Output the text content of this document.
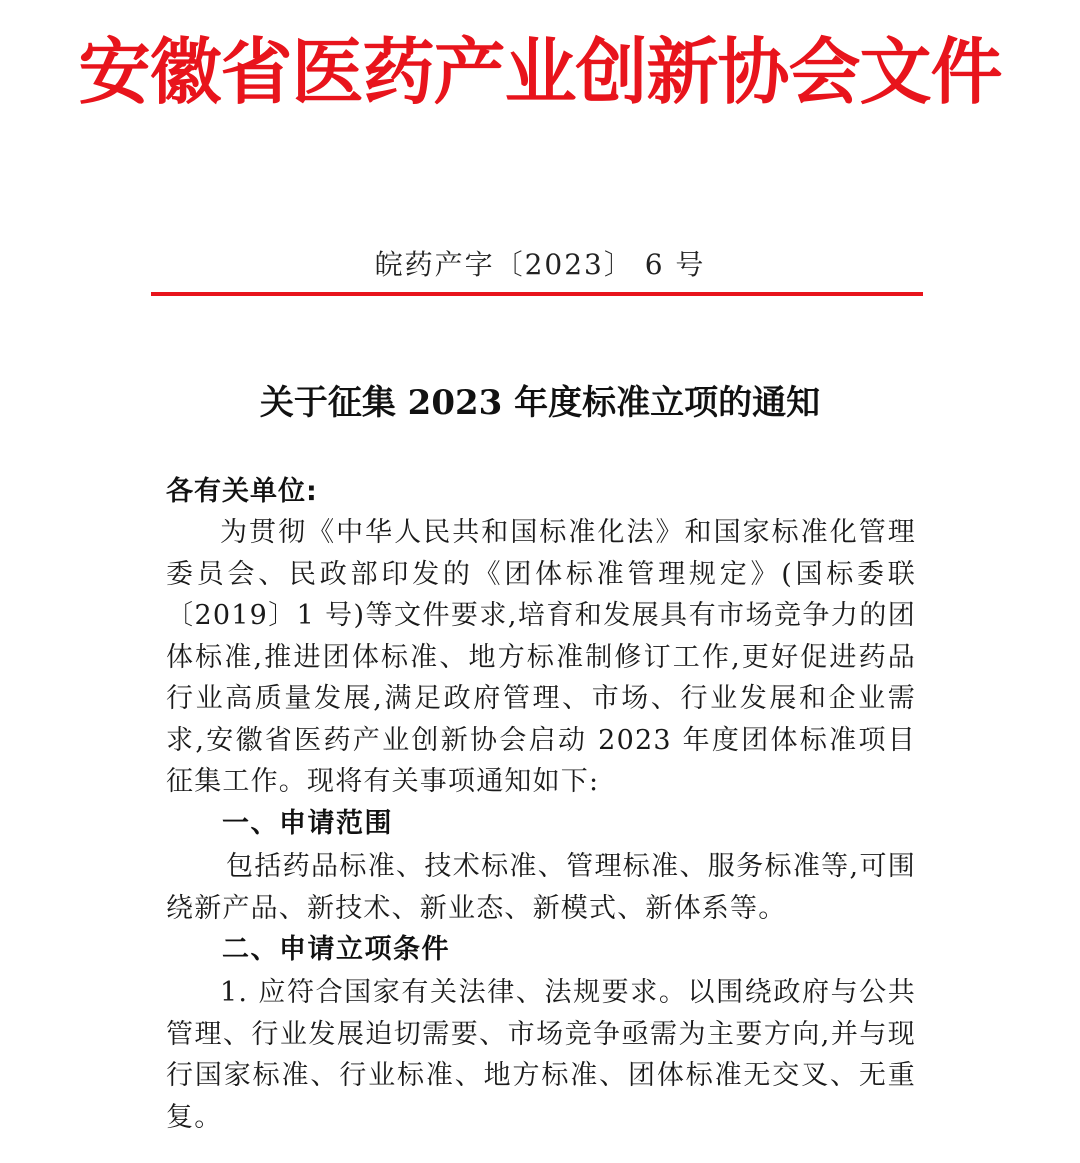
安徽省医药产业创新协会文件
皖药产字〔2023〕 6 号
关于征集 2023 年度标准立项的通知
各有关单位:

为贯彻《中华人民共和国标准化法》和国家标准化管理委员会、民政部印发的《团体标准管理规定》(国标委联〔2019〕1 号)等文件要求,培育和发展具有市场竞争力的团体标准,推进团体标准、地方标准制修订工作,更好促进药品行业高质量发展,满足政府管理、市场、行业发展和企业需求,安徽省医药产业创新协会启动 2023 年度团体标准项目征集工作。现将有关事项通知如下:

一、申请范围

包括药品标准、技术标准、管理标准、服务标准等,可围绕新产品、新技术、新业态、新模式、新体系等。

二、申请立项条件

1. 应符合国家有关法律、法规要求。以围绕政府与公共管理、行业发展迫切需要、市场竞争亟需为主要方向,并与现行国家标准、行业标准、地方标准、团体标准无交叉、无重复。
